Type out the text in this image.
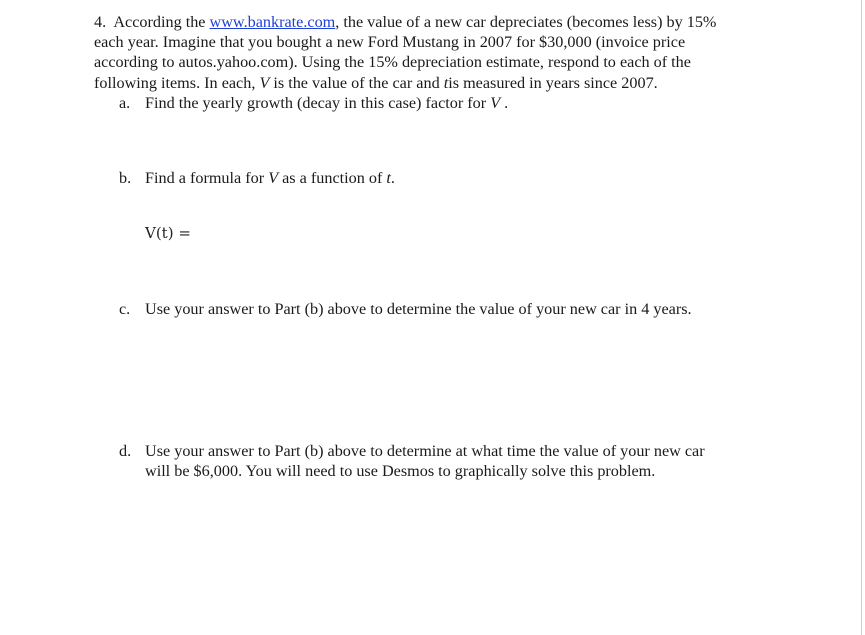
4. According the www.bankrate.com, the value of a new car depreciates (becomes less) by 15%
each year. Imagine that you bought a new Ford Mustang in 2007 for $30,000 (invoice price
according to autos.yahoo.com). Using the 15% depreciation estimate, respond to each of the
following items. In each, V is the value of the car and tis measured in years since 2007.

a. Find the yearly growth (decay in this case) factor for V .
b. Find a formula for V as a function of t.
V(t) =
c. Use your answer to Part (b) above to determine the value of your new car in 4 years.
d. Use your answer to Part (b) above to determine at what time the value of your new car
will be $6,000. You will need to use Desmos to graphically solve this problem.
